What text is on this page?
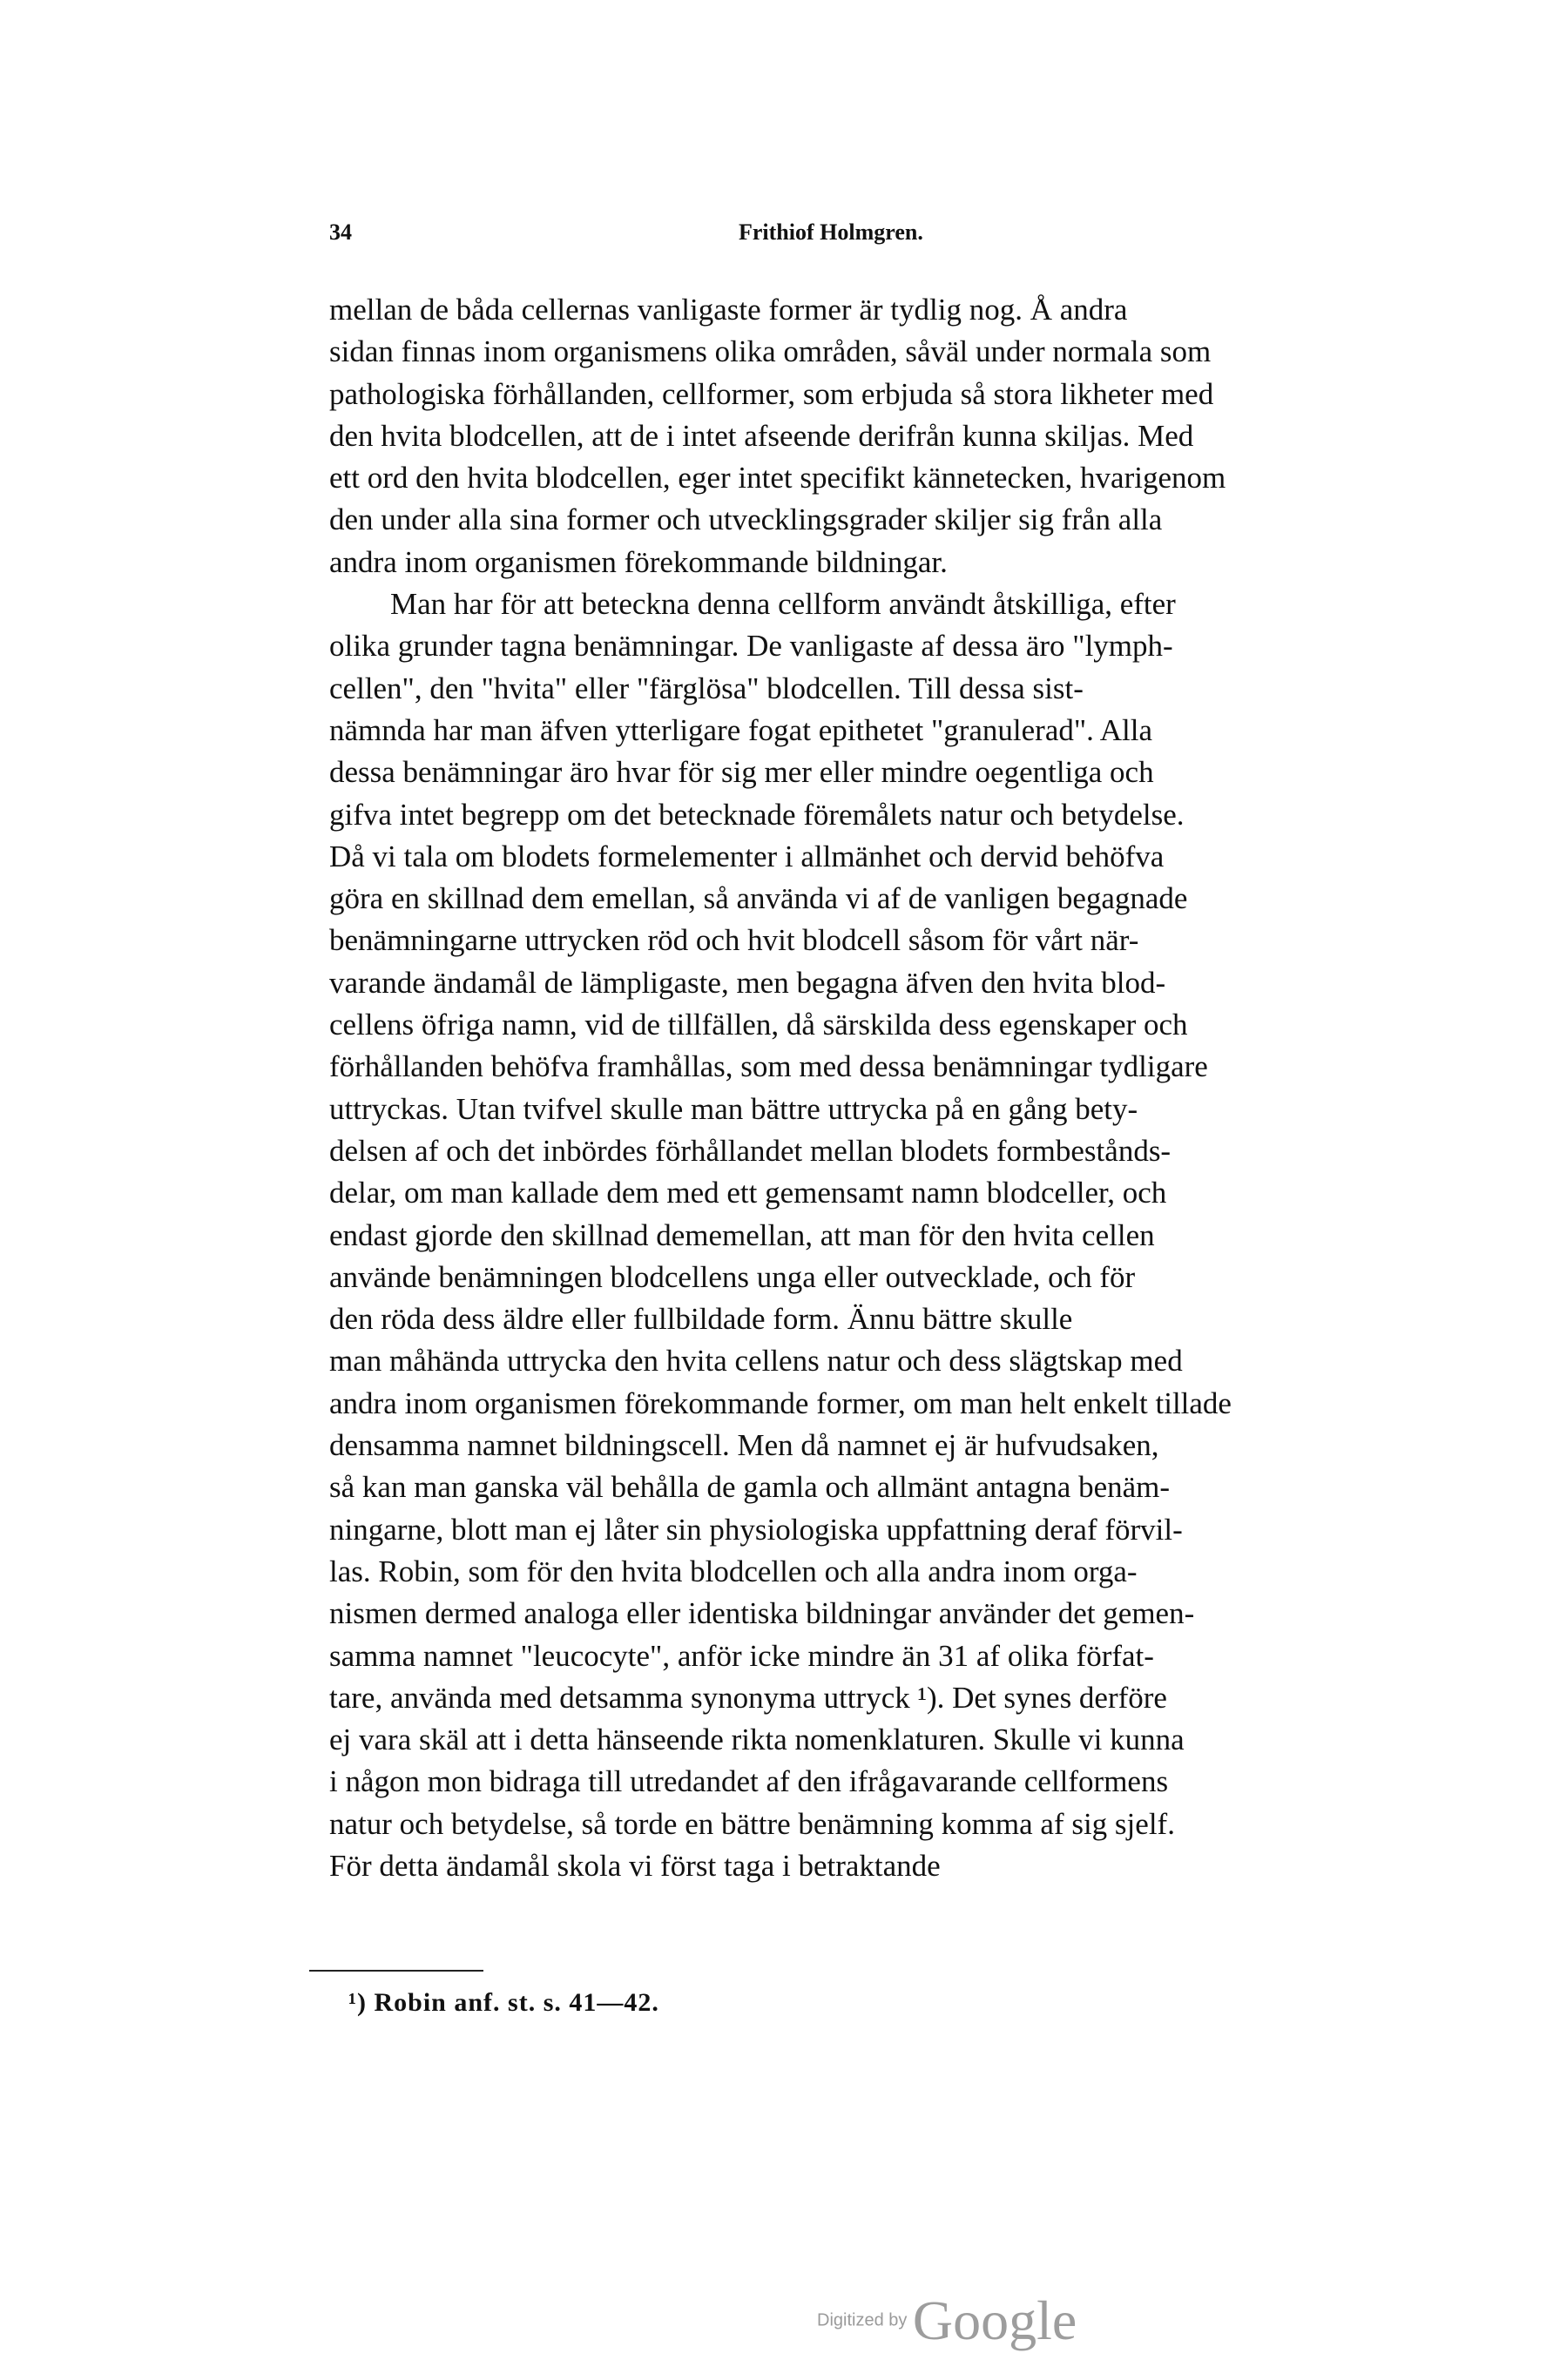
34	Frithiof Holmgren.
mellan de båda cellernas vanligaste former är tydlig nog. Å andra
sidan finnas inom organismens olika områden, såväl under normala som
pathologiska förhållanden, cellformer, som erbjuda så stora likheter med
den hvita blodcellen, att de i intet afseende derifrån kunna skiljas. Med
ett ord den hvita blodcellen, eger intet specifikt kännetecken, hvarigenom
den under alla sina former och utvecklingsgrader skiljer sig från alla
andra inom organismen förekommande bildningar.
Man har för att beteckna denna cellform användt åtskilliga, efter
olika grunder tagna benämningar. De vanligaste af dessa äro "lymph-
cellen", den "hvita" eller "färglösa" blodcellen. Till dessa sist-
nämnda har man äfven ytterligare fogat epithetet "granulerad". Alla
dessa benämningar äro hvar för sig mer eller mindre oegentliga och
gifva intet begrepp om det betecknade föremålets natur och betydelse.
Då vi tala om blodets formelementer i allmänhet och dervid behöfva
göra en skillnad dem emellan, så använda vi af de vanligen begagnade
benämningarne uttrycken röd och hvit blodcell såsom för vårt när-
varande ändamål de lämpligaste, men begagna äfven den hvita blod-
cellens öfriga namn, vid de tillfällen, då särskilda dess egenskaper och
förhållanden behöfva framhållas, som med dessa benämningar tydligare
uttryckas. Utan tvifvel skulle man bättre uttrycka på en gång bety-
delsen af och det inbördes förhållandet mellan blodets formbestånds-
delar, om man kallade dem med ett gemensamt namn blodceller, och
endast gjorde den skillnad dememellan, att man för den hvita cellen
använde benämningen blodcellens unga eller outvecklade, och för
den röda dess äldre eller fullbildade form. Ännu bättre skulle
man måhända uttrycka den hvita cellens natur och dess slägtskap med
andra inom organismen förekommande former, om man helt enkelt tillade
densamma namnet bildningscell. Men då namnet ej är hufvudsaken,
så kan man ganska väl behålla de gamla och allmänt antagna benäm-
ningarne, blott man ej låter sin physiologiska uppfattning deraf förvil-
las. Robin, som för den hvita blodcellen och alla andra inom orga-
nismen dermed analoga eller identiska bildningar använder det gemen-
samma namnet "leucocyte", anför icke mindre än 31 af olika förfat-
tare, använda med detsamma synonyma uttryck ¹). Det synes derföre
ej vara skäl att i detta hänseende rikta nomenklaturen. Skulle vi kunna
i någon mon bidraga till utredandet af den ifrågavarande cellformens
natur och betydelse, så torde en bättre benämning komma af sig sjelf.
För detta ändamål skola vi först taga i betraktande
¹) Robin anf. st. s. 41—42.
Digitized by Google
